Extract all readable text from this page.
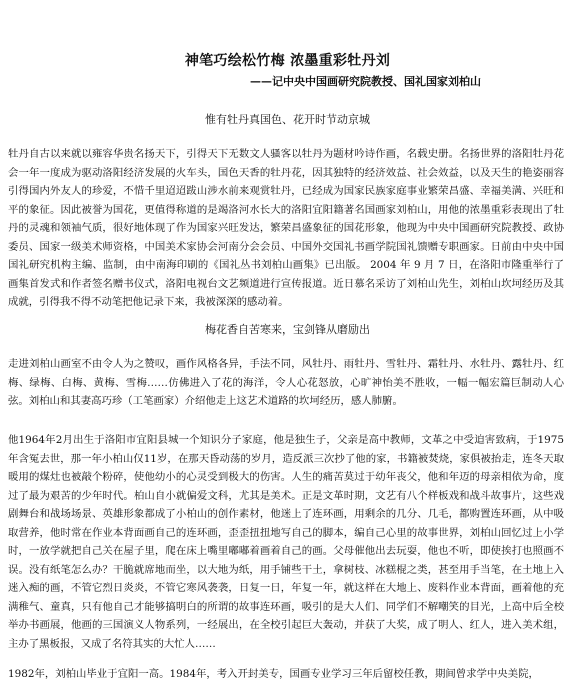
神笔巧绘松竹梅 浓墨重彩牡丹刘
——记中央中国画研究院教授、国礼国家刘柏山
惟有牡丹真国色、花开时节动京城

牡丹自古以来就以雍容华贵名扬天下，引得天下无数文人骚客以牡丹为题材吟诗作画，名载史册。名扬世界的洛阳牡丹花会一年一度成为驱动洛阳经济发展的火车头，国色天香的牡丹花，因其独特的经济效益、社会效益，以及天生的艳姿丽容引得国内外友人的珍爱，不惜千里迢迢跋山涉水前来观赏牡丹，已经成为国家民族家庭事业繁荣昌盛、幸福美满、兴旺和平的象征。因此被誉为国花，更值得称道的是竭洛河水长大的洛阳宜阳籍著名国画家刘柏山，用他的浓墨重彩表现出了牡丹的灵魂和领袖气质，很好地体现了作为国家兴旺发达，繁荣昌盛象征的国花形象，他现为中央中国画研究院教授、政协委员、国家一级美术师资格，中国美术家协会河南分会会员、中国外交国礼书画学院国礼馈赠专职画家。日前由中央中国国礼研究机构主编、监制，由中南海印刷的《国礼丛书刘柏山画集》已出版。 2004 年 9 月 7 日，在洛阳市隆重举行了画集首发式和作者签名赠书仪式，洛阳电视台文艺频道进行宣传报道。近日慕名采访了刘柏山先生，刘柏山坎坷经历及其成就，引得我不得不动笔把他记录下来，我被深深的感动着。

梅花香自苦寒来，宝剑锋从磨励出

走进刘柏山画室不由令人为之赞叹，画作风格各异，手法不同，风牡丹、雨牡丹、雪牡丹、霜牡丹、水牡丹、露牡丹、红梅、绿梅、白梅、黄梅、雪梅……仿佛进入了花的海洋，令人心花怒放，心旷神怡美不胜收，一幅一幅宏篇巨制动人心弦。刘柏山和其妻高巧珍（工笔画家）介绍他走上这艺术道路的坎坷经历，感人肺腑。

他1964年2月出生于洛阳市宜阳县城一个知识分子家庭，他是独生子，父亲是高中教师，文革之中受迫害致病，于1975年含冤去世，那一年小柏山仅11岁，在那天昏动荡的岁月，造反派三次抄了他的家，书籍被焚烧，家俱被抬走，连冬天取暖用的煤灶也被敲个粉碎，使他幼小的心灵受到极大的伤害。人生的痛苦莫过于幼年丧父，他和年迈的母亲相依为命，度过了最为艰苦的少年时代。柏山自小就偏爱文科，尤其是美术。正是文革时期，文艺有八个样板戏和战斗故事片，这些戏剧舞台和战场场景、英雄形象都成了小柏山的创作素材，他迷上了连环画，用剩余的几分、几毛，都购置连环画，从中吸取营养，他时常在作业本背面画自己的连环画，歪歪扭扭地写自己的脚本，编自己心里的故事世界，刘柏山回忆过上小学时，一放学就把自己关在屋子里，爬在床上嘴里嘟嘟着画着自己的画。父母催他出去玩耍，他也不听，即使挨打也照画不误。没有纸笔怎么办？干脆就席地而坐，以大地为纸，用手铺些干土，拿树枝、冰糕棍之类，甚至用手当笔，在土地上入迷入痴的画，不管它烈日炎炎，不管它寒风袭袭，日复一日，年复一年，就这样在大地上、废料作业本背面，画着他的充满稚气、童真，只有他自己才能够搞明白的所谓的故事连环画，吸引的是大人们、同学们不解嘲笑的目光，上高中后全校举办书画展，他画的三国演义人物系列，一经展出，在全校引起巨大轰动，并获了大奖，成了明人、红人，进入美术组，主办了黑板报，又成了名符其实的大忙人……

1982年，刘柏山毕业于宜阳一高。1984年，考入开封美专，国画专业学习三年后留校任教，期间曾求学中央美院，
